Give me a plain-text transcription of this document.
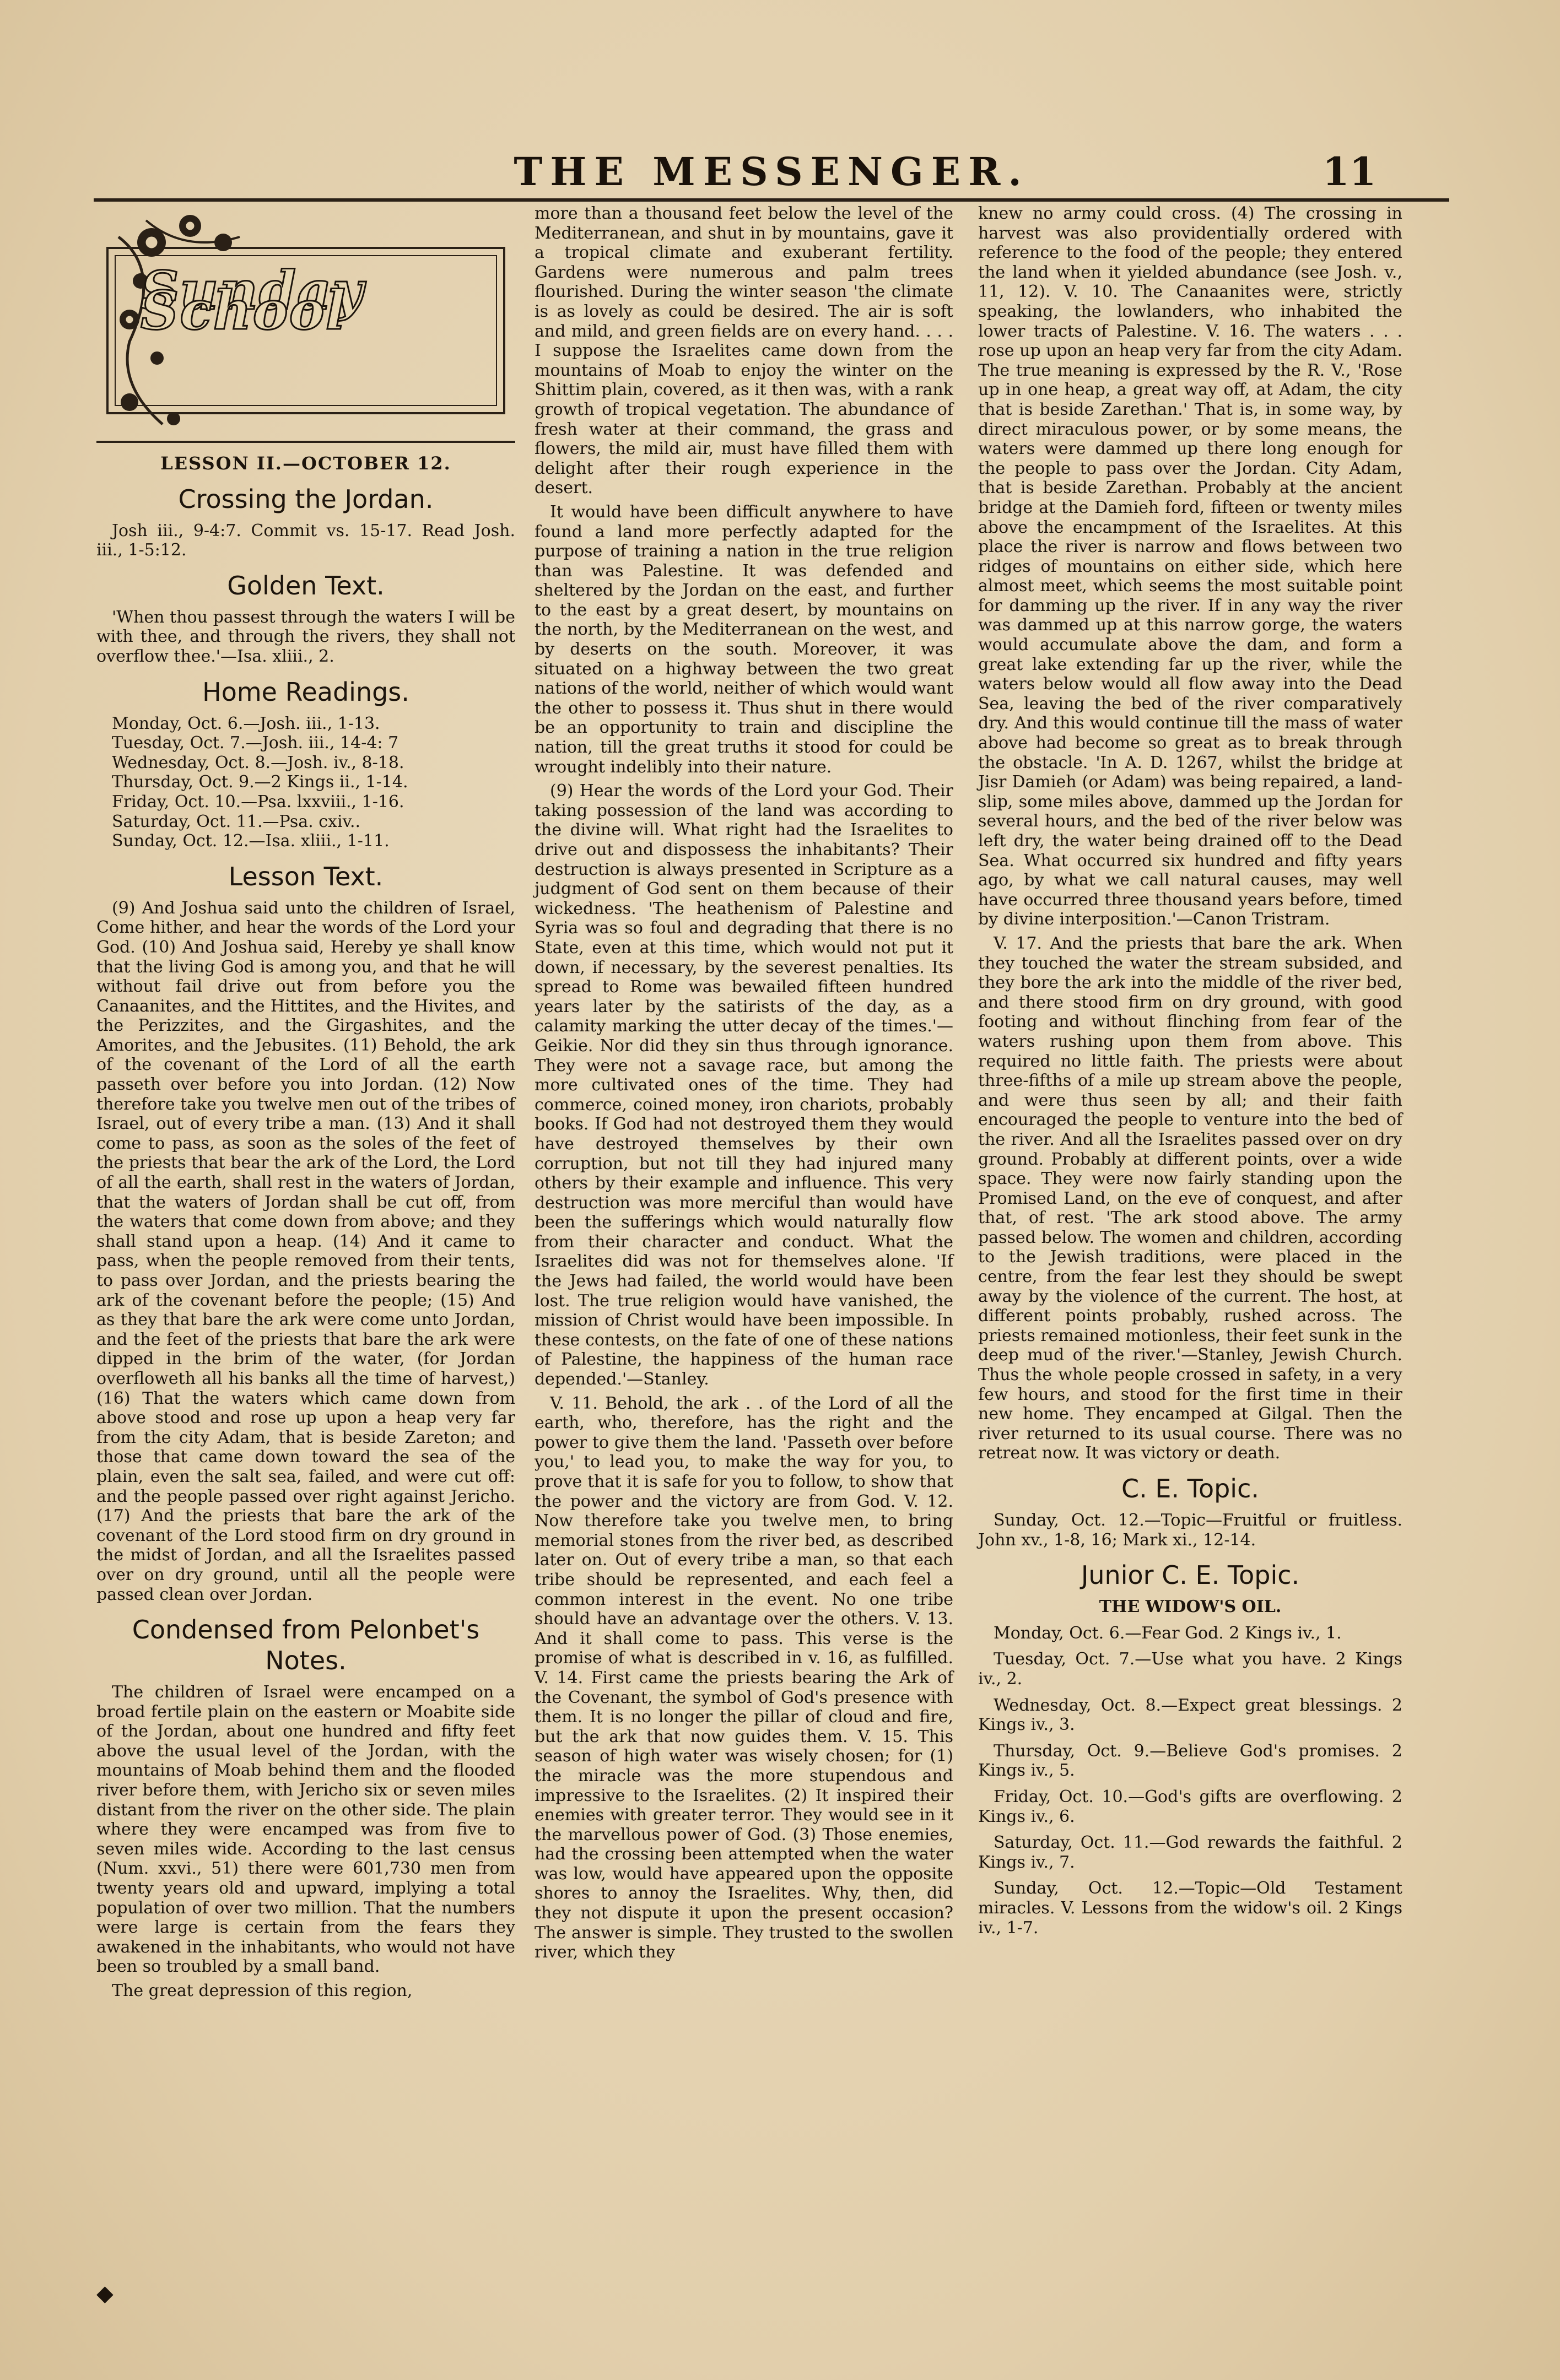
THE MESSENGER.	11
Sunday School
LESSON II.—OCTOBER 12.
Crossing the Jordan.

Josh iii., 9-4:7. Commit vs. 15-17. Read Josh. iii., 1-5:12.

Golden Text.

'When thou passest through the waters I will be with thee, and through the rivers, they shall not overflow thee.'—Isa. xliii., 2.

Home Readings.
Monday, Oct. 6.—Josh. iii., 1-13.
Tuesday, Oct. 7.—Josh. iii., 14-4: 7
Wednesday, Oct. 8.—Josh. iv., 8-18.
Thursday, Oct. 9.—2 Kings ii., 1-14.
Friday, Oct. 10.—Psa. lxxviii., 1-16.
Saturday, Oct. 11.—Psa. cxiv..
Sunday, Oct. 12.—Isa. xliii., 1-11.
Lesson Text.

(9) And Joshua said unto the children of Israel, Come hither, and hear the words of the Lord your God. (10) And Joshua said, Hereby ye shall know that the living God is among you, and that he will without fail drive out from before you the Canaanites, and the Hittites, and the Hivites, and the Perizzites, and the Girgashites, and the Amorites, and the Jebusites. (11) Behold, the ark of the covenant of the Lord of all the earth passeth over before you into Jordan. (12) Now therefore take you twelve men out of the tribes of Israel, out of every tribe a man. (13) And it shall come to pass, as soon as the soles of the feet of the priests that bear the ark of the Lord, the Lord of all the earth, shall rest in the waters of Jordan, that the waters of Jordan shall be cut off, from the waters that come down from above; and they shall stand upon a heap. (14) And it came to pass, when the people removed from their tents, to pass over Jordan, and the priests bearing the ark of the covenant before the people; (15) And as they that bare the ark were come unto Jordan, and the feet of the priests that bare the ark were dipped in the brim of the water, (for Jordan overfloweth all his banks all the time of harvest,) (16) That the waters which came down from above stood and rose up upon a heap very far from the city Adam, that is beside Zareton; and those that came down toward the sea of the plain, even the salt sea, failed, and were cut off: and the people passed over right against Jericho. (17) And the priests that bare the ark of the covenant of the Lord stood firm on dry ground in the midst of Jordan, and all the Israelites passed over on dry ground, until all the people were passed clean over Jordan.

Condensed from Pelonbet's Notes.

The children of Israel were encamped on a broad fertile plain on the eastern or Moabite side of the Jordan, about one hundred and fifty feet above the usual level of the Jordan, with the mountains of Moab behind them and the flooded river before them, with Jericho six or seven miles distant from the river on the other side. The plain where they were encamped was from five to seven miles wide. According to the last census (Num. xxvi., 51) there were 601,730 men from twenty years old and upward, implying a total population of over two million. That the numbers were large is certain from the fears they awakened in the inhabitants, who would not have been so troubled by a small band.

The great depression of this region,

more than a thousand feet below the level of the Mediterranean, and shut in by mountains, gave it a tropical climate and exuberant fertility. Gardens were numerous and palm trees flourished. During the winter season 'the climate is as lovely as could be desired. The air is soft and mild, and green fields are on every hand. . . . I suppose the Israelites came down from the mountains of Moab to enjoy the winter on the Shittim plain, covered, as it then was, with a rank growth of tropical vegetation. The abundance of fresh water at their command, the grass and flowers, the mild air, must have filled them with delight after their rough experience in the desert.

It would have been difficult anywhere to have found a land more perfectly adapted for the purpose of training a nation in the true religion than was Palestine. It was defended and sheltered by the Jordan on the east, and further to the east by a great desert, by mountains on the north, by the Mediterranean on the west, and by deserts on the south. Moreover, it was situated on a highway between the two great nations of the world, neither of which would want the other to possess it. Thus shut in there would be an opportunity to train and discipline the nation, till the great truths it stood for could be wrought indelibly into their nature.

(9) Hear the words of the Lord your God. Their taking possession of the land was according to the divine will. What right had the Israelites to drive out and dispossess the inhabitants? Their destruction is always presented in Scripture as a judgment of God sent on them because of their wickedness. 'The heathenism of Palestine and Syria was so foul and degrading that there is no State, even at this time, which would not put it down, if necessary, by the severest penalties. Its spread to Rome was bewailed fifteen hundred years later by the satirists of the day, as a calamity marking the utter decay of the times.'—Geikie. Nor did they sin thus through ignorance. They were not a savage race, but among the more cultivated ones of the time. They had commerce, coined money, iron chariots, probably books. If God had not destroyed them they would have destroyed themselves by their own corruption, but not till they had injured many others by their example and influence. This very destruction was more merciful than would have been the sufferings which would naturally flow from their character and conduct. What the Israelites did was not for themselves alone. 'If the Jews had failed, the world would have been lost. The true religion would have vanished, the mission of Christ would have been impossible. In these contests, on the fate of one of these nations of Palestine, the happiness of the human race depended.'—Stanley.

V. 11. Behold, the ark . . of the Lord of all the earth, who, therefore, has the right and the power to give them the land. 'Passeth over before you,' to lead you, to make the way for you, to prove that it is safe for you to follow, to show that the power and the victory are from God. V. 12. Now therefore take you twelve men, to bring memorial stones from the river bed, as described later on. Out of every tribe a man, so that each tribe should be represented, and each feel a common interest in the event. No one tribe should have an advantage over the others. V. 13. And it shall come to pass. This verse is the promise of what is described in v. 16, as fulfilled. V. 14. First came the priests bearing the Ark of the Covenant, the symbol of God's presence with them. It is no longer the pillar of cloud and fire, but the ark that now guides them. V. 15. This season of high water was wisely chosen; for (1) the miracle was the more stupendous and impressive to the Israelites. (2) It inspired their enemies with greater terror. They would see in it the marvellous power of God. (3) Those enemies, had the crossing been attempted when the water was low, would have appeared upon the opposite shores to annoy the Israelites. Why, then, did they not dispute it upon the present occasion? The answer is simple. They trusted to the swollen river, which they

knew no army could cross. (4) The crossing in harvest was also providentially ordered with reference to the food of the people; they entered the land when it yielded abundance (see Josh. v., 11, 12). V. 10. The Canaanites were, strictly speaking, the lowlanders, who inhabited the lower tracts of Palestine. V. 16. The waters . . . rose up upon an heap very far from the city Adam. The true meaning is expressed by the R. V., 'Rose up in one heap, a great way off, at Adam, the city that is beside Zarethan.' That is, in some way, by direct miraculous power, or by some means, the waters were dammed up there long enough for the people to pass over the Jordan. City Adam, that is beside Zarethan. Probably at the ancient bridge at the Damieh ford, fifteen or twenty miles above the encampment of the Israelites. At this place the river is narrow and flows between two ridges of mountains on either side, which here almost meet, which seems the most suitable point for damming up the river. If in any way the river was dammed up at this narrow gorge, the waters would accumulate above the dam, and form a great lake extending far up the river, while the waters below would all flow away into the Dead Sea, leaving the bed of the river comparatively dry. And this would continue till the mass of water above had become so great as to break through the obstacle. 'In A. D. 1267, whilst the bridge at Jisr Damieh (or Adam) was being repaired, a land-slip, some miles above, dammed up the Jordan for several hours, and the bed of the river below was left dry, the water being drained off to the Dead Sea. What occurred six hundred and fifty years ago, by what we call natural causes, may well have occurred three thousand years before, timed by divine interposition.'—Canon Tristram.

V. 17. And the priests that bare the ark. When they touched the water the stream subsided, and they bore the ark into the middle of the river bed, and there stood firm on dry ground, with good footing and without flinching from fear of the waters rushing upon them from above. This required no little faith. The priests were about three-fifths of a mile up stream above the people, and were thus seen by all; and their faith encouraged the people to venture into the bed of the river. And all the Israelites passed over on dry ground. Probably at different points, over a wide space. They were now fairly standing upon the Promised Land, on the eve of conquest, and after that, of rest. 'The ark stood above. The army passed below. The women and children, according to the Jewish traditions, were placed in the centre, from the fear lest they should be swept away by the violence of the current. The host, at different points probably, rushed across. The priests remained motionless, their feet sunk in the deep mud of the river.'—Stanley, Jewish Church. Thus the whole people crossed in safety, in a very few hours, and stood for the first time in their new home. They encamped at Gilgal. Then the river returned to its usual course. There was no retreat now. It was victory or death.

C. E. Topic.

Sunday, Oct. 12.—Topic—Fruitful or fruitless. John xv., 1-8, 16; Mark xi., 12-14.

Junior C. E. Topic.
THE WIDOW'S OIL.

Monday, Oct. 6.—Fear God. 2 Kings iv., 1.

Tuesday, Oct. 7.—Use what you have. 2 Kings iv., 2.

Wednesday, Oct. 8.—Expect great blessings. 2 Kings iv., 3.

Thursday, Oct. 9.—Believe God's promises. 2 Kings iv., 5.

Friday, Oct. 10.—God's gifts are overflowing. 2 Kings iv., 6.

Saturday, Oct. 11.—God rewards the faithful. 2 Kings iv., 7.

Sunday, Oct. 12.—Topic—Old Testament miracles. V. Lessons from the widow's oil. 2 Kings iv., 1-7.

◆
